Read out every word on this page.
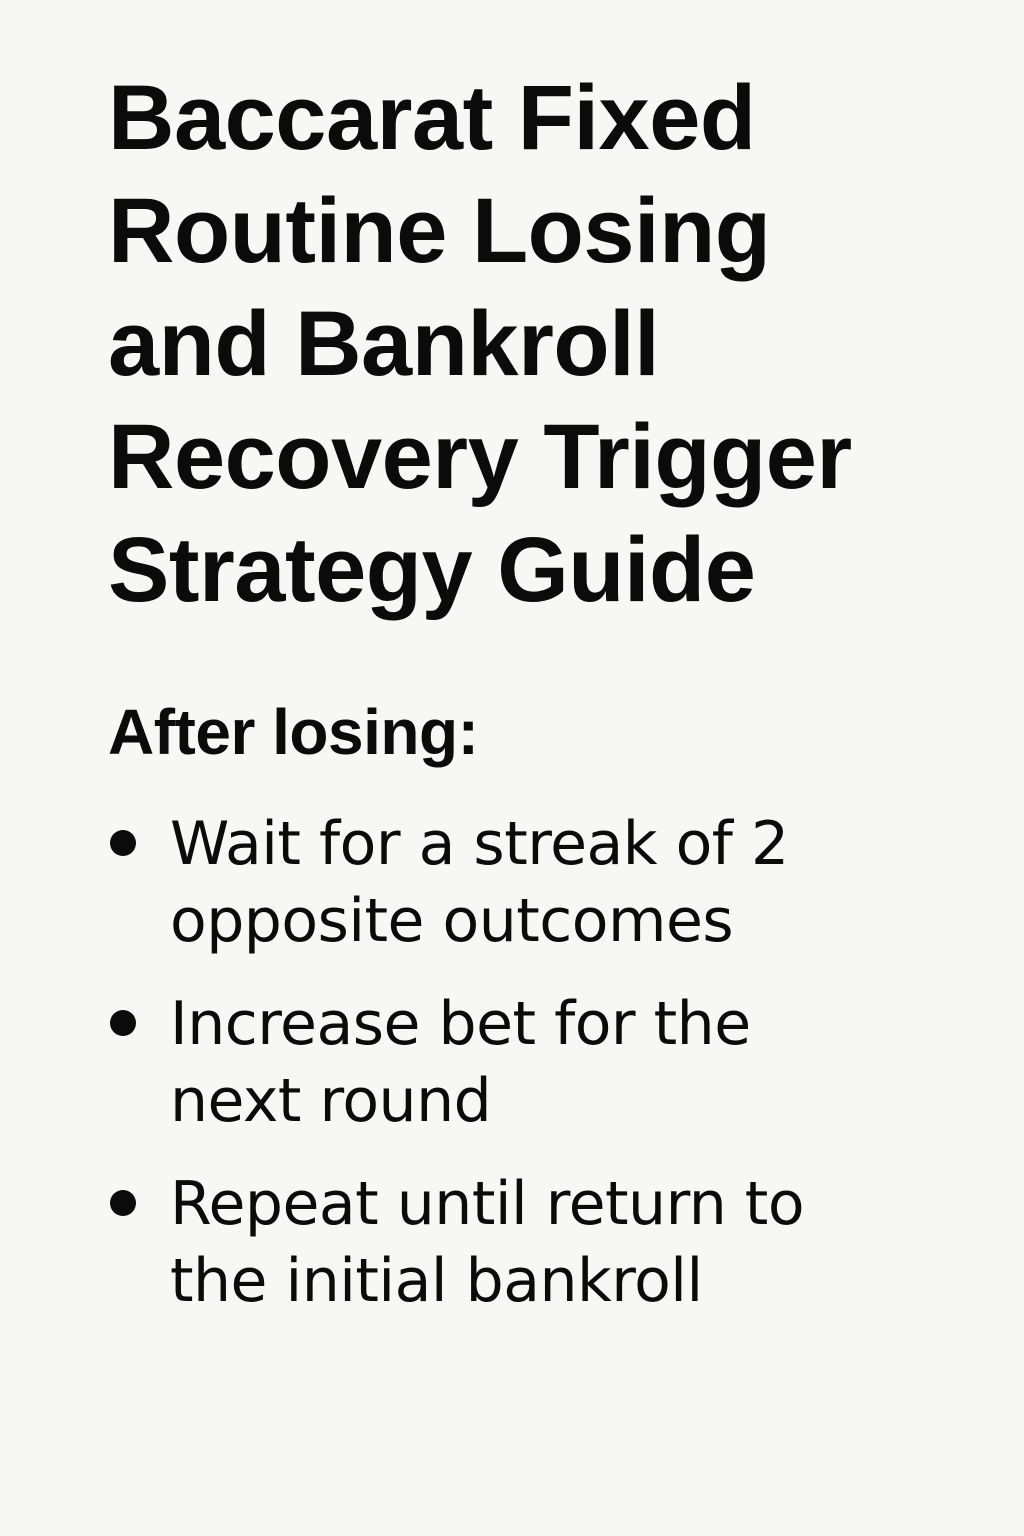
Baccarat Fixed
Routine Losing
and Bankroll
Recovery Trigger
Strategy Guide
After losing:
Wait for a streak of 2
opposite outcomes
Increase bet for the
next round
Repeat until return to
the initial bankroll
